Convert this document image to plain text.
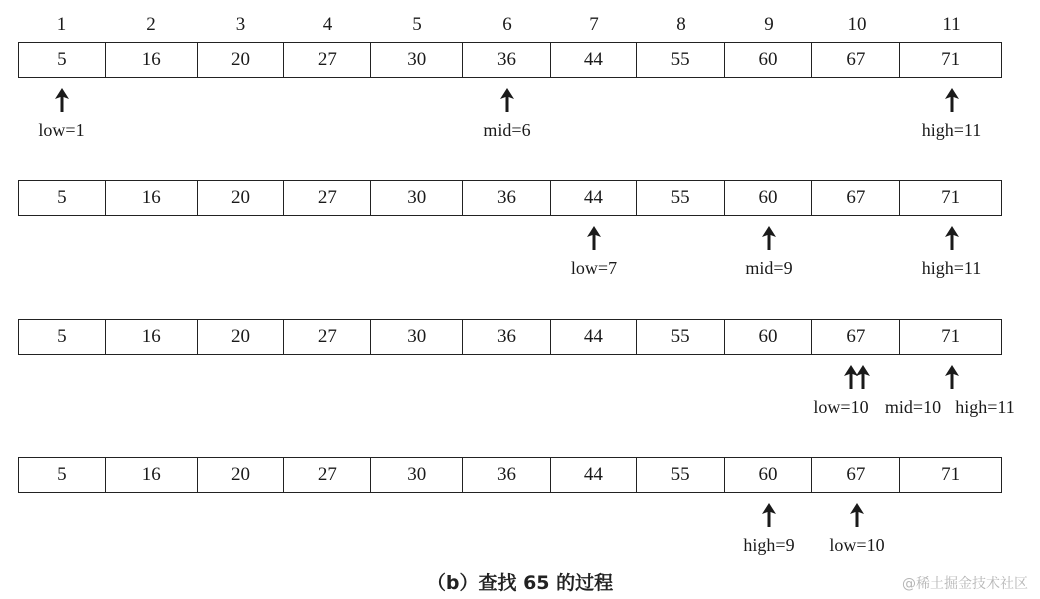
1	2	3	4	5	6	7	8	9	10	11
5	16	20	27	30	36	44	55	60	67	71
low=1	mid=6	high=11
5	16	20	27	30	36	44	55	60	67	71
low=7	mid=9	high=11
5	16	20	27	30	36	44	55	60	67	71
low=10 mid=10 high=11
5	16	20	27	30	36	44	55	60	67	71
high=9 low=10
（b）查找 65 的过程	@稀土掘金技术社区
